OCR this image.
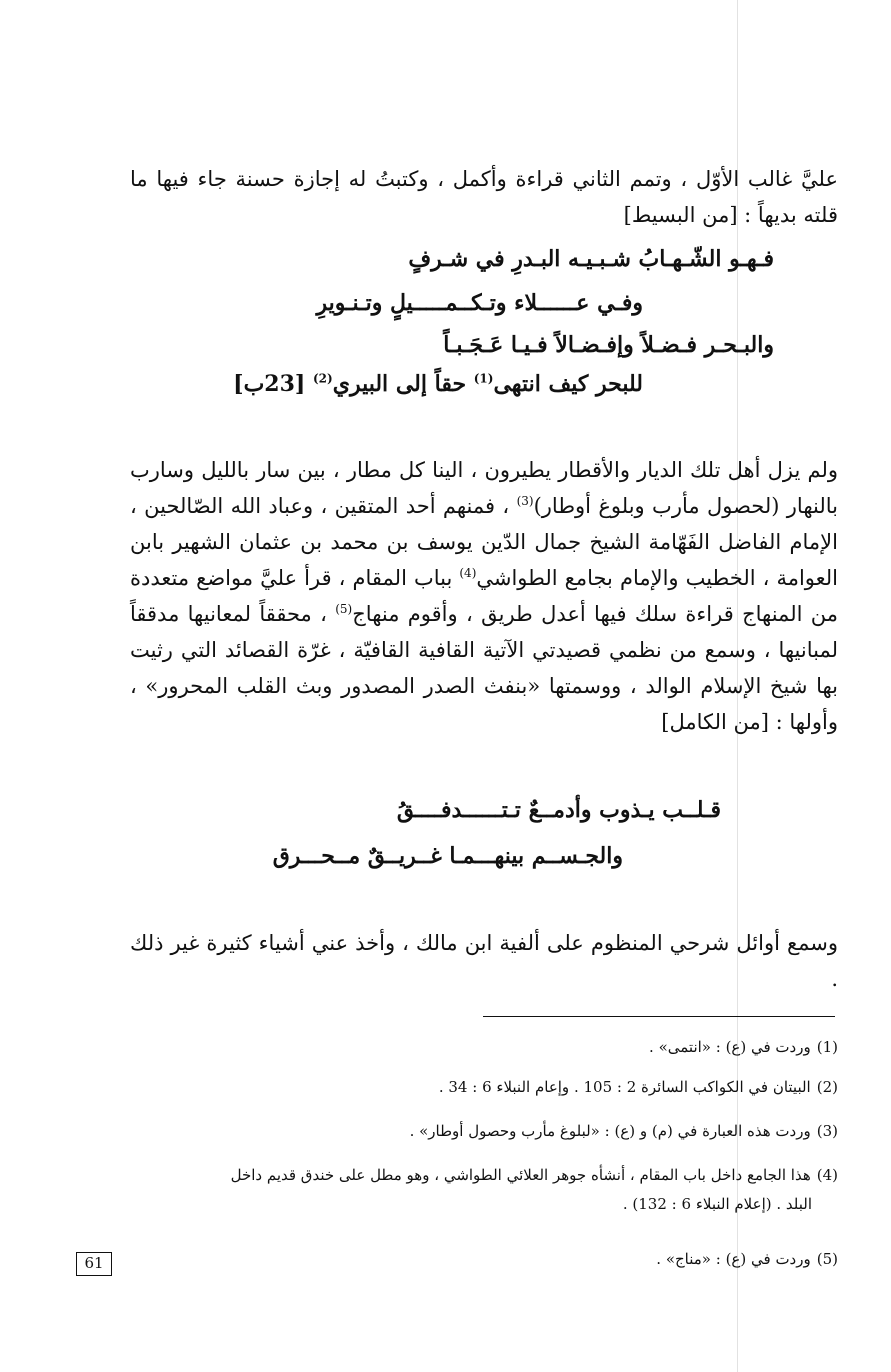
عليَّ غالب الأوّل ، وتمم الثاني قراءة وأكمل ، وكتبتُ له إجازة حسنة جاء فيها ما قلته بديهاً : [من البسيط]

فـهـو الشّـهـابُ شـبـيـه البـدرِ في شـرفٍ
وفـي عــــــلاء وتـكــمـــــيلٍ وتـنـويرِ
والبـحـر فـضـلاً وإفـضـالاً فـيـا عَـجَـبـاً
للبحر كيف انتهى$^{(1)}$ حقاً إلى البيري$^{(2)}$ [23ب]

ولم يزل أهل تلك الديار والأقطار يطيرون ، الينا كل مطار ، بين سار بالليل وسارب بالنهار (لحصول مأرب وبلوغ أوطار)$^{(3)}$ ، فمنهم أحد المتقين ، وعباد الله الصّالحين ، الإمام الفاضل الفَهّامة الشيخ جمال الدّين يوسف بن محمد بن عثمان الشهير بابن العوامة ، الخطيب والإمام بجامع الطواشي$^{(4)}$ بباب المقام ، قرأ عليَّ مواضع متعددة من المنهاج قراءة سلك فيها أعدل طريق ، وأقوم منهاج$^{(5)}$ ، محققاً لمعانيها مدققاً لمبانيها ، وسمع من نظمي قصيدتي الآتية القافية القافيّة ، غرّة القصائد التي رثيت بها شيخ الإسلام الوالد ، ووسمتها «بنفث الصدر المصدور وبث القلب المحرور» ، وأولها : [من الكامل]

قـلــب يـذوب وأدمــعٌ تـتــــــدفــــقُ
والجـســم بينهـــمـا غــريــقٌ مــحـــرق

وسمع أوائل شرحي المنظوم على ألفية ابن مالك ، وأخذ عني أشياء كثيرة غير ذلك .

(1)وردت في (ع) : «انتمى» .
(2)البيتان في الكواكب السائرة 2 : 105 . وإعام النبلاء 6 : 34 .
(3)وردت هذه العبارة في (م) و (ع) : «لبلوغ مأرب وحصول أوطار» .
(4)هذا الجامع داخل باب المقام ، أنشأه جوهر العلائي الطواشي ، وهو مطل على خندق قديم داخل
البلد . (إعلام النبلاء 6 : 132) .
(5)وردت في (ع) : «مناج» .
61
